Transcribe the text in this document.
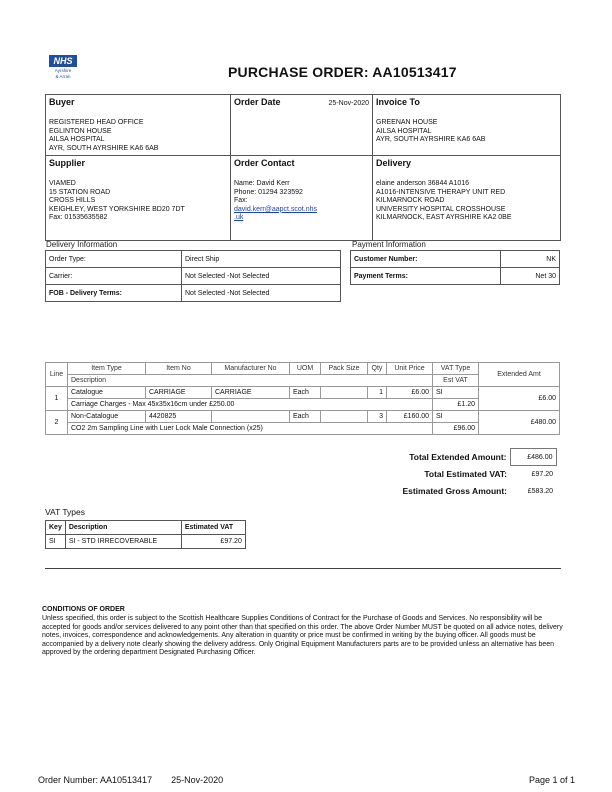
NHS
Ayrshire
& Arran	PURCHASE ORDER: AA10513417
Buyer
REGISTERED HEAD OFFICE
EGLINTON HOUSE
AILSA HOSPITAL
AYR, SOUTH AYRSHIRE KA6 6AB
Order Date	25-Nov-2020 Invoice To
GREENAN HOUSE
AILSA HOSPITAL
AYR, SOUTH AYRSHIRE KA6 6AB
Supplier
VIAMED
15 STATION ROAD
CROSS HILLS
KEIGHLEY, WEST YORKSHIRE BD20 7DT
Fax: 01535635582
Order Contact
Name: David Kerr
Phone: 01294 323592
Fax:
david.kerr@aapct.scot.nhs
.uk
Delivery
elaine anderson 36844 A1016
A1016-INTENSIVE THERAPY UNIT RED
KILMARNOCK ROAD
UNIVERSITY HOSPITAL CROSSHOUSE
KILMARNOCK, EAST AYRSHIRE KA2 0BE
Delivery Information
Order Type:	Direct Ship
Carrier:	Not Selected -Not Selected
FOB - Delivery Terms:	Not Selected -Not Selected
Payment Information
Customer Number:	NK
Payment Terms:	Net 30
Line	Item Type	Item No	Manufacturer No	UOM	Pack Size	Qty	Unit Price	VAT Type	Extended Amt
	Description							Est VAT	
1	Catalogue	CARRIAGE	CARRIAGE	Each		1	£6.00	SI	£6.00
	Carriage Charges - Max 45x35x16cm under £250.00							£1.20	
2	Non-Catalogue	4420825		Each		3	£160.00	SI	£480.00
	CO2 2m Sampling Line with Luer Lock Male Connection (x25)							£96.00	
Total Extended Amount:	£486.00
Total Estimated VAT:	£97.20
Estimated Gross Amount:	£583.20
VAT Types
Key	Description	Estimated VAT
SI	SI - STD IRRECOVERABLE	£97.20
CONDITIONS OF ORDER
Unless specified, this order is subject to the Scottish Healthcare Supplies Conditions of Contract for the Purchase of Goods and Services. No responsibility will be accepted for goods and/or services delivered to any point other than that specified on this order. The above Order Number MUST be quoted on all advice notes, delivery notes, invoices, correspondence and acknowledgements. Any alteration in quantity or price must be confirmed in writing by the buying officer. All goods must be accompanied by a delivery note clearly showing the delivery address. Only Original Equipment Manufacturers parts are to be provided unless an alternative has been approved by the ordering department Designated Purchasing Officer.
Order Number: AA10513417 25-Nov-2020	Page 1 of 1
